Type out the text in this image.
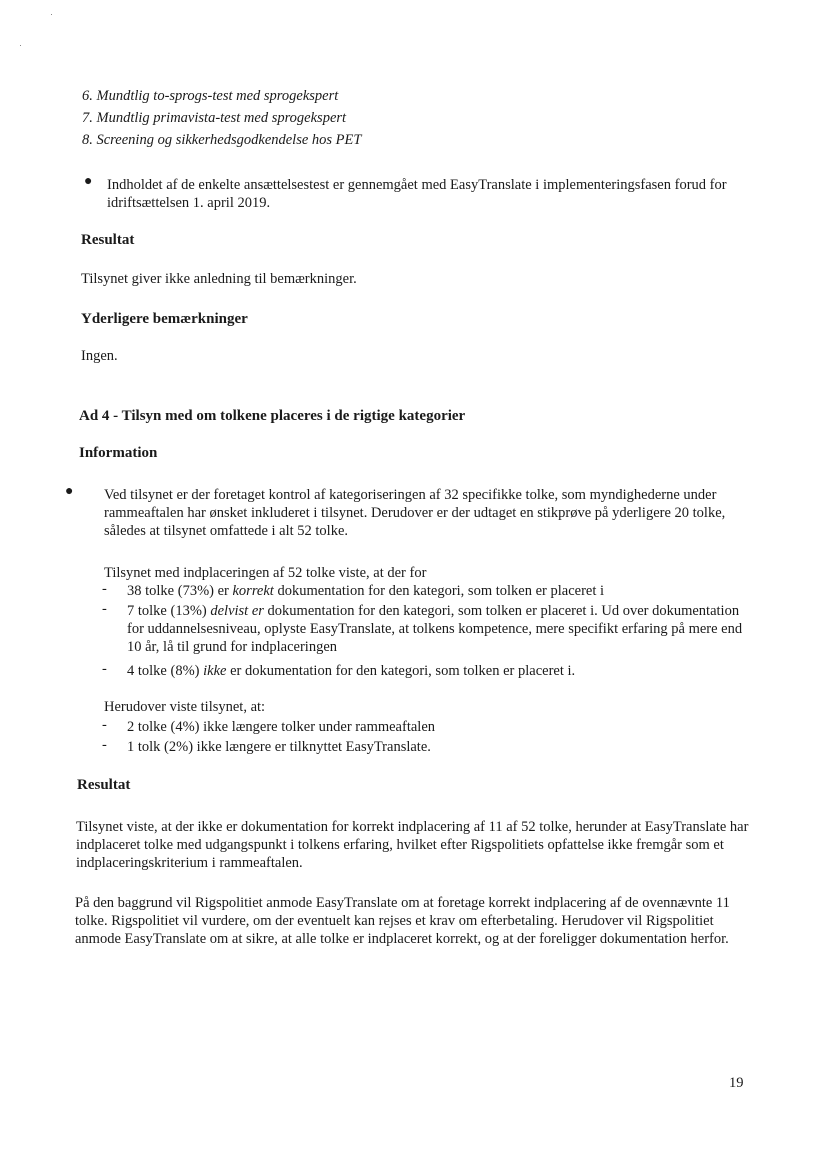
6. Mundtlig to-sprogs-test med sprogekspert
7. Mundtlig primavista-test med sprogekspert
8. Screening og sikkerhedsgodkendelse hos PET
● Indholdet af de enkelte ansættelsestest er gennemgået med EasyTranslate i implementeringsfasen forud for idriftsættelsen 1. april 2019.

Resultat

Tilsynet giver ikke anledning til bemærkninger.

Yderligere bemærkninger

Ingen.

Ad 4 - Tilsyn med om tolkene placeres i de rigtige kategorier
Information
● Ved tilsynet er der foretaget kontrol af kategoriseringen af 32 specifikke tolke, som myndighederne under rammeaftalen har ønsket inkluderet i tilsynet. Derudover er der udtaget en stikprøve på yderligere 20 tolke, således at tilsynet omfattede i alt 52 tolke.

Tilsynet med indplaceringen af 52 tolke viste, at der for

- 38 tolke (73%) er korrekt dokumentation for den kategori, som tolken er placeret i

- 7 tolke (13%) delvist er dokumentation for den kategori, som tolken er placeret i. Ud over dokumentation for uddannelsesniveau, oplyste EasyTranslate, at tolkens kompetence, mere specifikt erfaring på mere end 10 år, lå til grund for indplaceringen

- 4 tolke (8%) ikke er dokumentation for den kategori, som tolken er placeret i.

Herudover viste tilsynet, at:

- 2 tolke (4%) ikke længere tolker under rammeaftalen

- 1 tolk (2%) ikke længere er tilknyttet EasyTranslate.

Resultat

Tilsynet viste, at der ikke er dokumentation for korrekt indplacering af 11 af 52 tolke, herunder at EasyTranslate har indplaceret tolke med udgangspunkt i tolkens erfaring, hvilket efter Rigspolitiets opfattelse ikke fremgår som et indplaceringskriterium i rammeaftalen.

På den baggrund vil Rigspolitiet anmode EasyTranslate om at foretage korrekt indplacering af de ovennævnte 11 tolke. Rigspolitiet vil vurdere, om der eventuelt kan rejses et krav om efterbetaling. Herudover vil Rigspolitiet anmode EasyTranslate om at sikre, at alle tolke er indplaceret korrekt, og at der foreligger dokumentation herfor.

19
